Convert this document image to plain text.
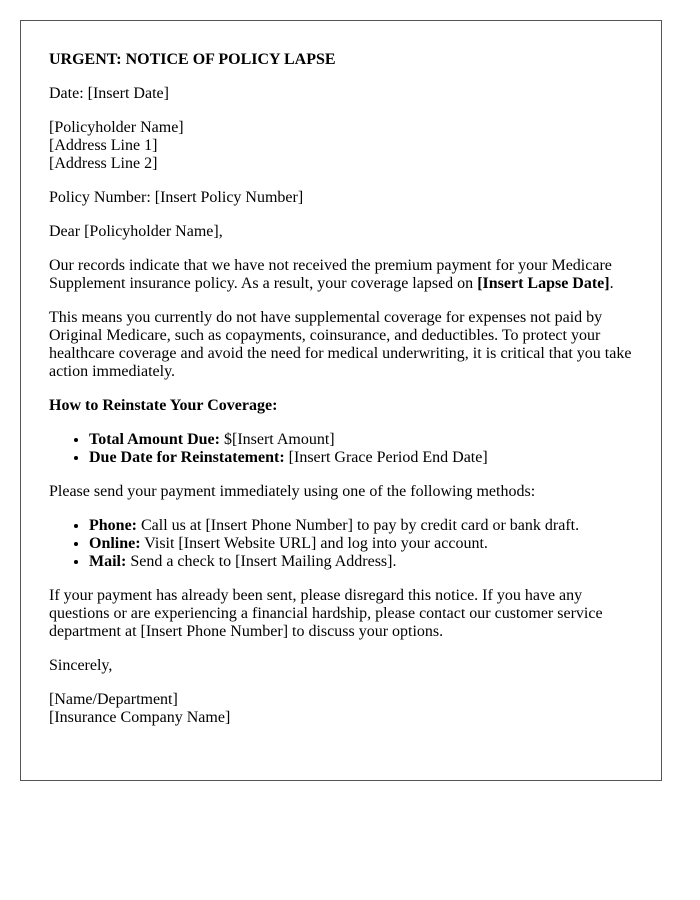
URGENT: NOTICE OF POLICY LAPSE

Date: [Insert Date]

[Policyholder Name]
[Address Line 1]
[Address Line 2]

Policy Number: [Insert Policy Number]

Dear [Policyholder Name],

Our records indicate that we have not received the premium payment for your Medicare Supplement insurance policy. As a result, your coverage lapsed on [Insert Lapse Date].

This means you currently do not have supplemental coverage for expenses not paid by Original Medicare, such as copayments, coinsurance, and deductibles. To protect your healthcare coverage and avoid the need for medical underwriting, it is critical that you take action immediately.

How to Reinstate Your Coverage:

• Total Amount Due: $[Insert Amount]
• Due Date for Reinstatement: [Insert Grace Period End Date]

Please send your payment immediately using one of the following methods:

• Phone: Call us at [Insert Phone Number] to pay by credit card or bank draft.
• Online: Visit [Insert Website URL] and log into your account.
• Mail: Send a check to [Insert Mailing Address].

If your payment has already been sent, please disregard this notice. If you have any questions or are experiencing a financial hardship, please contact our customer service department at [Insert Phone Number] to discuss your options.

Sincerely,

[Name/Department]
[Insurance Company Name]
